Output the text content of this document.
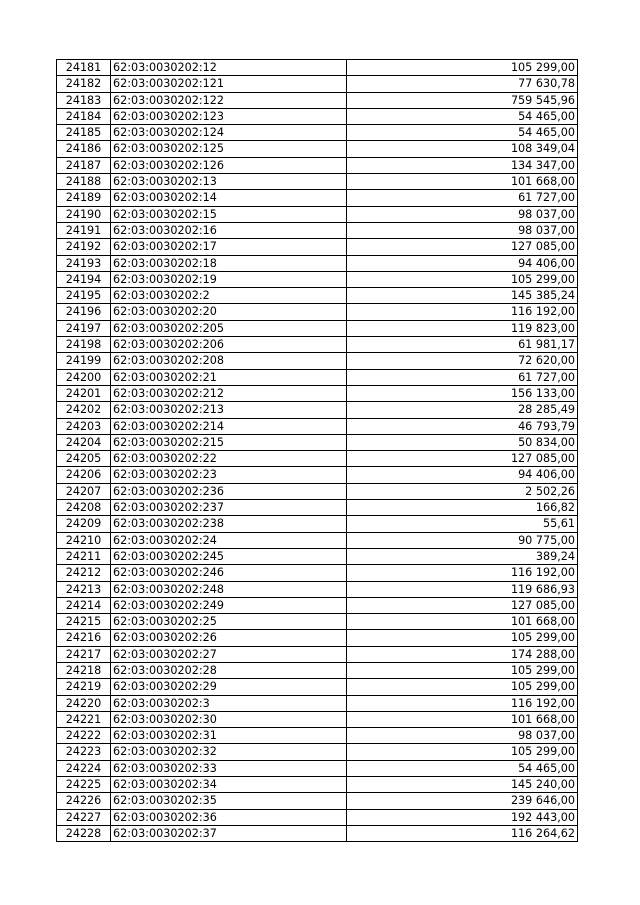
24181	62:03:0030202:12	105 299,00
24182	62:03:0030202:121	77 630,78
24183	62:03:0030202:122	759 545,96
24184	62:03:0030202:123	54 465,00
24185	62:03:0030202:124	54 465,00
24186	62:03:0030202:125	108 349,04
24187	62:03:0030202:126	134 347,00
24188	62:03:0030202:13	101 668,00
24189	62:03:0030202:14	61 727,00
24190	62:03:0030202:15	98 037,00
24191	62:03:0030202:16	98 037,00
24192	62:03:0030202:17	127 085,00
24193	62:03:0030202:18	94 406,00
24194	62:03:0030202:19	105 299,00
24195	62:03:0030202:2	145 385,24
24196	62:03:0030202:20	116 192,00
24197	62:03:0030202:205	119 823,00
24198	62:03:0030202:206	61 981,17
24199	62:03:0030202:208	72 620,00
24200	62:03:0030202:21	61 727,00
24201	62:03:0030202:212	156 133,00
24202	62:03:0030202:213	28 285,49
24203	62:03:0030202:214	46 793,79
24204	62:03:0030202:215	50 834,00
24205	62:03:0030202:22	127 085,00
24206	62:03:0030202:23	94 406,00
24207	62:03:0030202:236	2 502,26
24208	62:03:0030202:237	166,82
24209	62:03:0030202:238	55,61
24210	62:03:0030202:24	90 775,00
24211	62:03:0030202:245	389,24
24212	62:03:0030202:246	116 192,00
24213	62:03:0030202:248	119 686,93
24214	62:03:0030202:249	127 085,00
24215	62:03:0030202:25	101 668,00
24216	62:03:0030202:26	105 299,00
24217	62:03:0030202:27	174 288,00
24218	62:03:0030202:28	105 299,00
24219	62:03:0030202:29	105 299,00
24220	62:03:0030202:3	116 192,00
24221	62:03:0030202:30	101 668,00
24222	62:03:0030202:31	98 037,00
24223	62:03:0030202:32	105 299,00
24224	62:03:0030202:33	54 465,00
24225	62:03:0030202:34	145 240,00
24226	62:03:0030202:35	239 646,00
24227	62:03:0030202:36	192 443,00
24228	62:03:0030202:37	116 264,62
